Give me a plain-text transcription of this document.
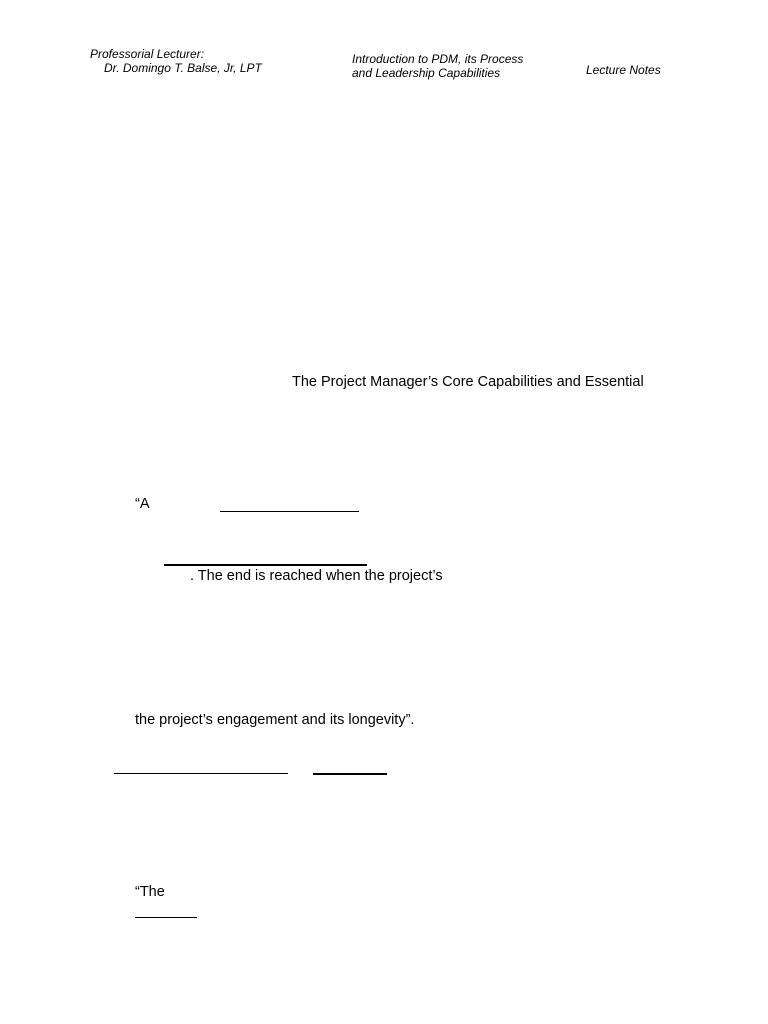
Professorial Lecturer:
Dr. Domingo T. Balse, Jr, LPT
Introduction to PDM, its Process
and Leadership Capabilities	Lecture Notes
The Project Manager’s Core Capabilities and Essential
“A
. The end is reached when the project’s
the project’s engagement and its longevity”.
“The
